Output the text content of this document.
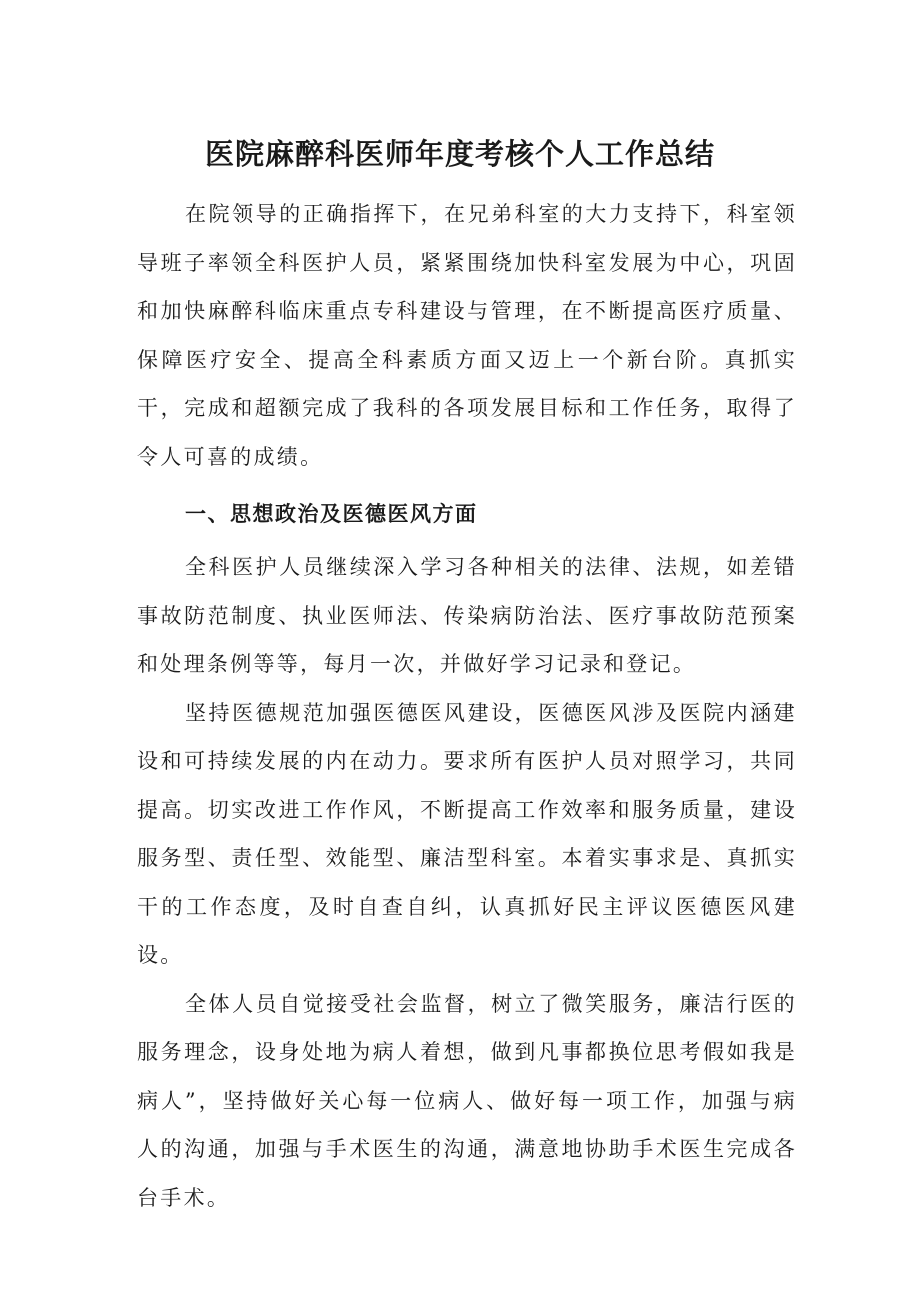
医院麻醉科医师年度考核个人工作总结

在院领导的正确指挥下，在兄弟科室的大力支持下，科室领导班子率领全科医护人员，紧紧围绕加快科室发展为中心，巩固和加快麻醉科临床重点专科建设与管理，在不断提高医疗质量、保障医疗安全、提高全科素质方面又迈上一个新台阶。真抓实干，完成和超额完成了我科的各项发展目标和工作任务，取得了令人可喜的成绩。

一、思想政治及医德医风方面

全科医护人员继续深入学习各种相关的法律、法规，如差错事故防范制度、执业医师法、传染病防治法、医疗事故防范预案和处理条例等等，每月一次，并做好学习记录和登记。

坚持医德规范加强医德医风建设，医德医风涉及医院内涵建设和可持续发展的内在动力。要求所有医护人员对照学习，共同提高。切实改进工作作风，不断提高工作效率和服务质量，建设服务型、责任型、效能型、廉洁型科室。本着实事求是、真抓实干的工作态度，及时自查自纠，认真抓好民主评议医德医风建设。

全体人员自觉接受社会监督，树立了微笑服务，廉洁行医的服务理念，设身处地为病人着想，做到凡事都换位思考假如我是病人”，坚持做好关心每一位病人、做好每一项工作，加强与病人的沟通，加强与手术医生的沟通，满意地协助手术医生完成各台手术。
